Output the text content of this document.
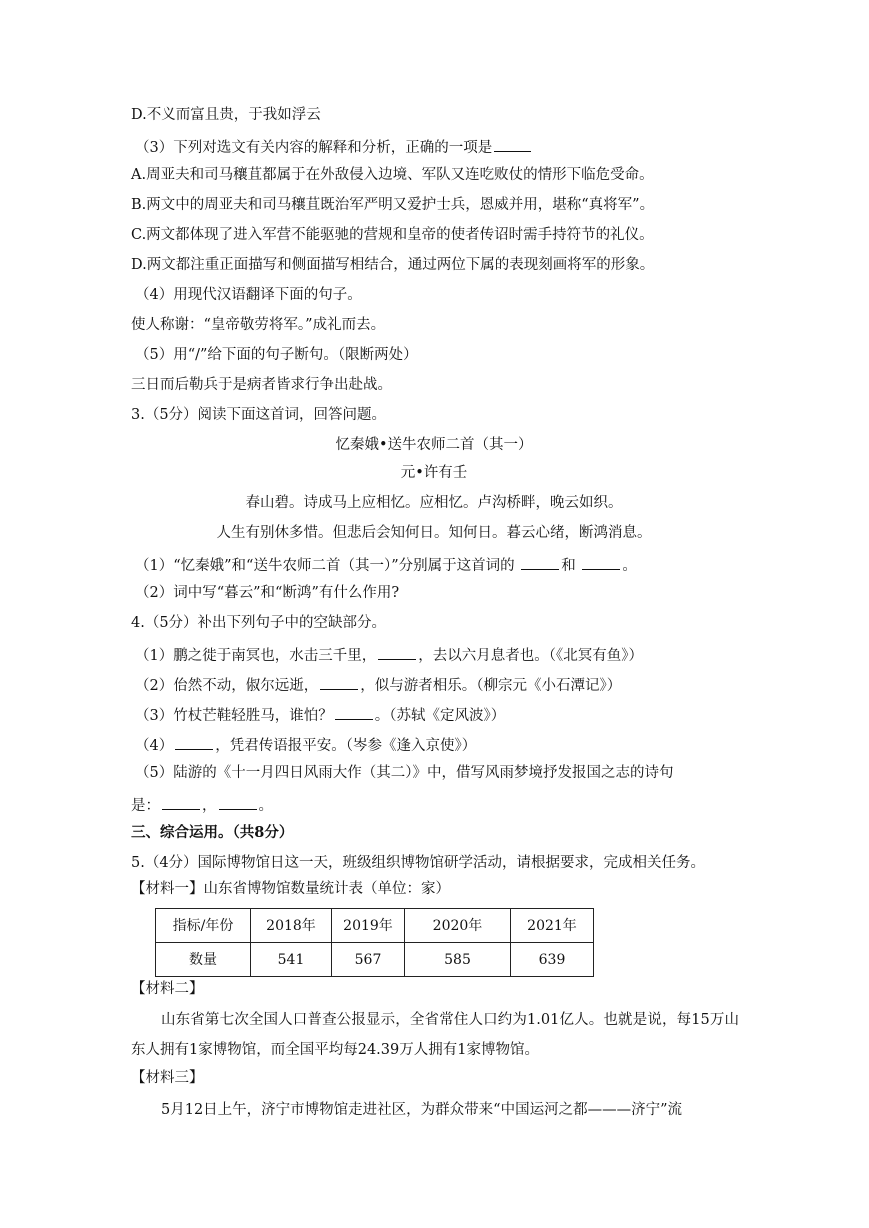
D.不义而富且贵，于我如浮云
（3）下列对选文有关内容的解释和分析，正确的一项是
A.周亚夫和司马穰苴都属于在外敌侵入边境、军队又连吃败仗的情形下临危受命。
B.两文中的周亚夫和司马穰苴既治军严明又爱护士兵，恩威并用，堪称“真将军”。
C.两文都体现了进入军营不能驱驰的营规和皇帝的使者传诏时需手持符节的礼仪。
D.两文都注重正面描写和侧面描写相结合，通过两位下属的表现刻画将军的形象。
（4）用现代汉语翻译下面的句子。
使人称谢：“皇帝敬劳将军。”成礼而去。
（5）用“/”给下面的句子断句。（限断两处）
三日而后勒兵于是病者皆求行争出赴战。
3.（5分）阅读下面这首词，回答问题。
忆秦娥•送牛农师二首（其一）
元•许有壬
春山碧。诗成马上应相忆。应相忆。卢沟桥畔，晚云如织。
人生有别休多惜。但悲后会知何日。知何日。暮云心绪，断鸿消息。
（1）“忆秦娥”和“送牛农师二首（其一）”分别属于这首词的	和	。
（2）词中写“暮云”和“断鸿”有什么作用?
4.（5分）补出下列句子中的空缺部分。
（1）鹏之徙于南冥也，水击三千里，	，去以六月息者也。（《北冥有鱼》）
（2）佁然不动，俶尔远逝，	，似与游者相乐。（柳宗元《小石潭记》）
（3）竹杖芒鞋轻胜马，谁怕？	。（苏轼《定风波》）
（4）	，凭君传语报平安。（岑参《逢入京使》）
（5）陆游的《十一月四日风雨大作（其二）》中，借写风雨梦境抒发报国之志的诗句
是：	，	。
三、综合运用。（共8分）
5.（4分）国际博物馆日这一天，班级组织博物馆研学活动，请根据要求，完成相关任务。
【材料一】山东省博物馆数量统计表（单位：家）
指标/年份	2018年	2019年	2020年	2021年
数量	541	567	585	639
【材料二】
山东省第七次全国人口普查公报显示，全省常住人口约为1.01亿人。也就是说，每15万山东人拥有1家博物馆，而全国平均每24.39万人拥有1家博物馆。
【材料三】
5月12日上午，济宁市博物馆走进社区，为群众带来“中国运河之都———济宁”流
